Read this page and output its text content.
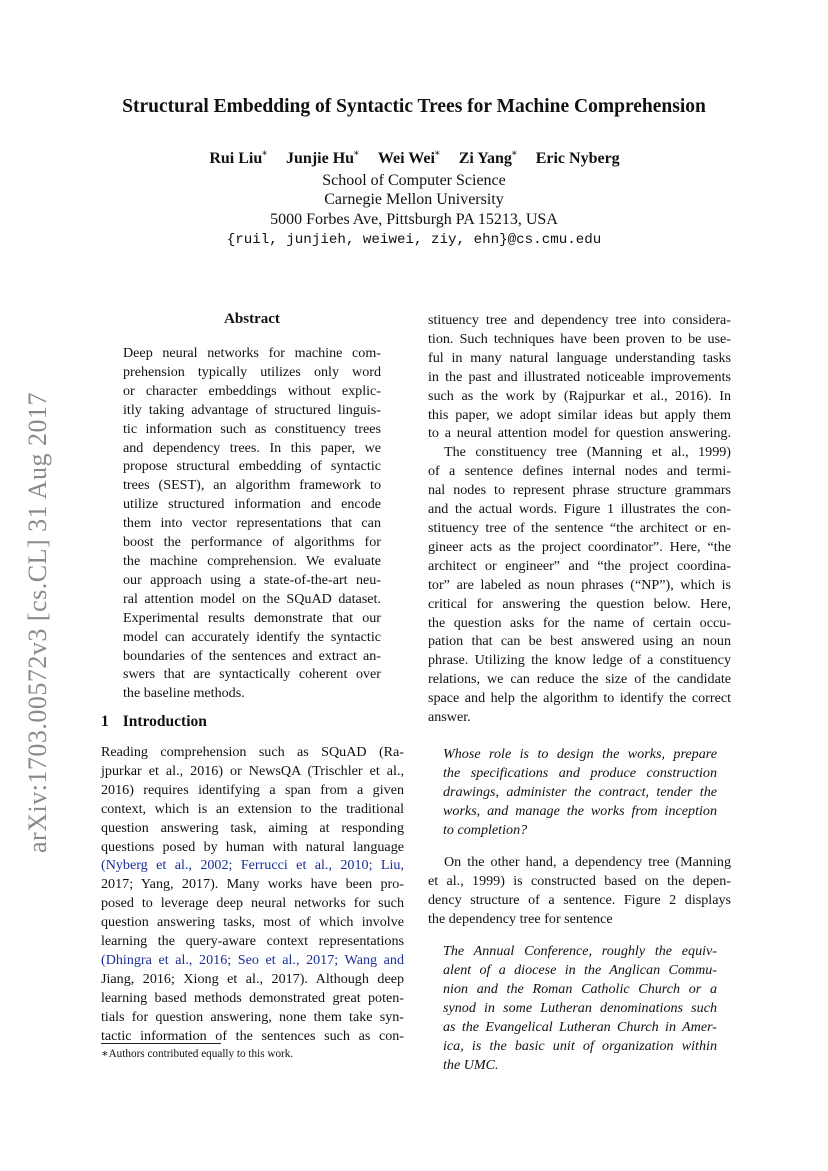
Structural Embedding of Syntactic Trees for Machine Comprehension
Rui Liu∗ Junjie Hu∗ Wei Wei∗ Zi Yang∗ Eric Nyberg
School of Computer Science
Carnegie Mellon University
5000 Forbes Ave, Pittsburgh PA 15213, USA
{ruil, junjieh, weiwei, ziy, ehn}@cs.cmu.edu
arXiv:1703.00572v3 [cs.CL] 31 Aug 2017
Abstract
Deep neural networks for machine com-
prehension typically utilizes only word
or character embeddings without explic-
itly taking advantage of structured linguis-
tic information such as constituency trees
and dependency trees. In this paper, we
propose structural embedding of syntactic
trees (SEST), an algorithm framework to
utilize structured information and encode
them into vector representations that can
boost the performance of algorithms for
the machine comprehension. We evaluate
our approach using a state-of-the-art neu-
ral attention model on the SQuAD dataset.
Experimental results demonstrate that our
model can accurately identify the syntactic
boundaries of the sentences and extract an-
swers that are syntactically coherent over
the baseline methods.
1 Introduction
Reading comprehension such as SQuAD (Ra-
jpurkar et al., 2016) or NewsQA (Trischler et al.,
2016) requires identifying a span from a given
context, which is an extension to the traditional
question answering task, aiming at responding
questions posed by human with natural language
(Nyberg et al., 2002; Ferrucci et al., 2010; Liu,
2017; Yang, 2017). Many works have been pro-
posed to leverage deep neural networks for such
question answering tasks, most of which involve
learning the query-aware context representations
(Dhingra et al., 2016; Seo et al., 2017; Wang and
Jiang, 2016; Xiong et al., 2017). Although deep
learning based methods demonstrated great poten-
tials for question answering, none them take syn-
tactic information of the sentences such as con-
∗Authors contributed equally to this work.
stituency tree and dependency tree into considera-
tion. Such techniques have been proven to be use-
ful in many natural language understanding tasks
in the past and illustrated noticeable improvements
such as the work by (Rajpurkar et al., 2016). In
this paper, we adopt similar ideas but apply them
to a neural attention model for question answering.
The constituency tree (Manning et al., 1999)
of a sentence defines internal nodes and termi-
nal nodes to represent phrase structure grammars
and the actual words. Figure 1 illustrates the con-
stituency tree of the sentence “the architect or en-
gineer acts as the project coordinator”. Here, “the
architect or engineer” and “the project coordina-
tor” are labeled as noun phrases (“NP”), which is
critical for answering the question below. Here,
the question asks for the name of certain occu-
pation that can be best answered using an noun
phrase. Utilizing the know ledge of a constituency
relations, we can reduce the size of the candidate
space and help the algorithm to identify the correct
answer.
Whose role is to design the works, prepare
the specifications and produce construction
drawings, administer the contract, tender the
works, and manage the works from inception
to completion?
On the other hand, a dependency tree (Manning
et al., 1999) is constructed based on the depen-
dency structure of a sentence. Figure 2 displays
the dependency tree for sentence
The Annual Conference, roughly the equiv-
alent of a diocese in the Anglican Commu-
nion and the Roman Catholic Church or a
synod in some Lutheran denominations such
as the Evangelical Lutheran Church in Amer-
ica, is the basic unit of organization within
the UMC.
